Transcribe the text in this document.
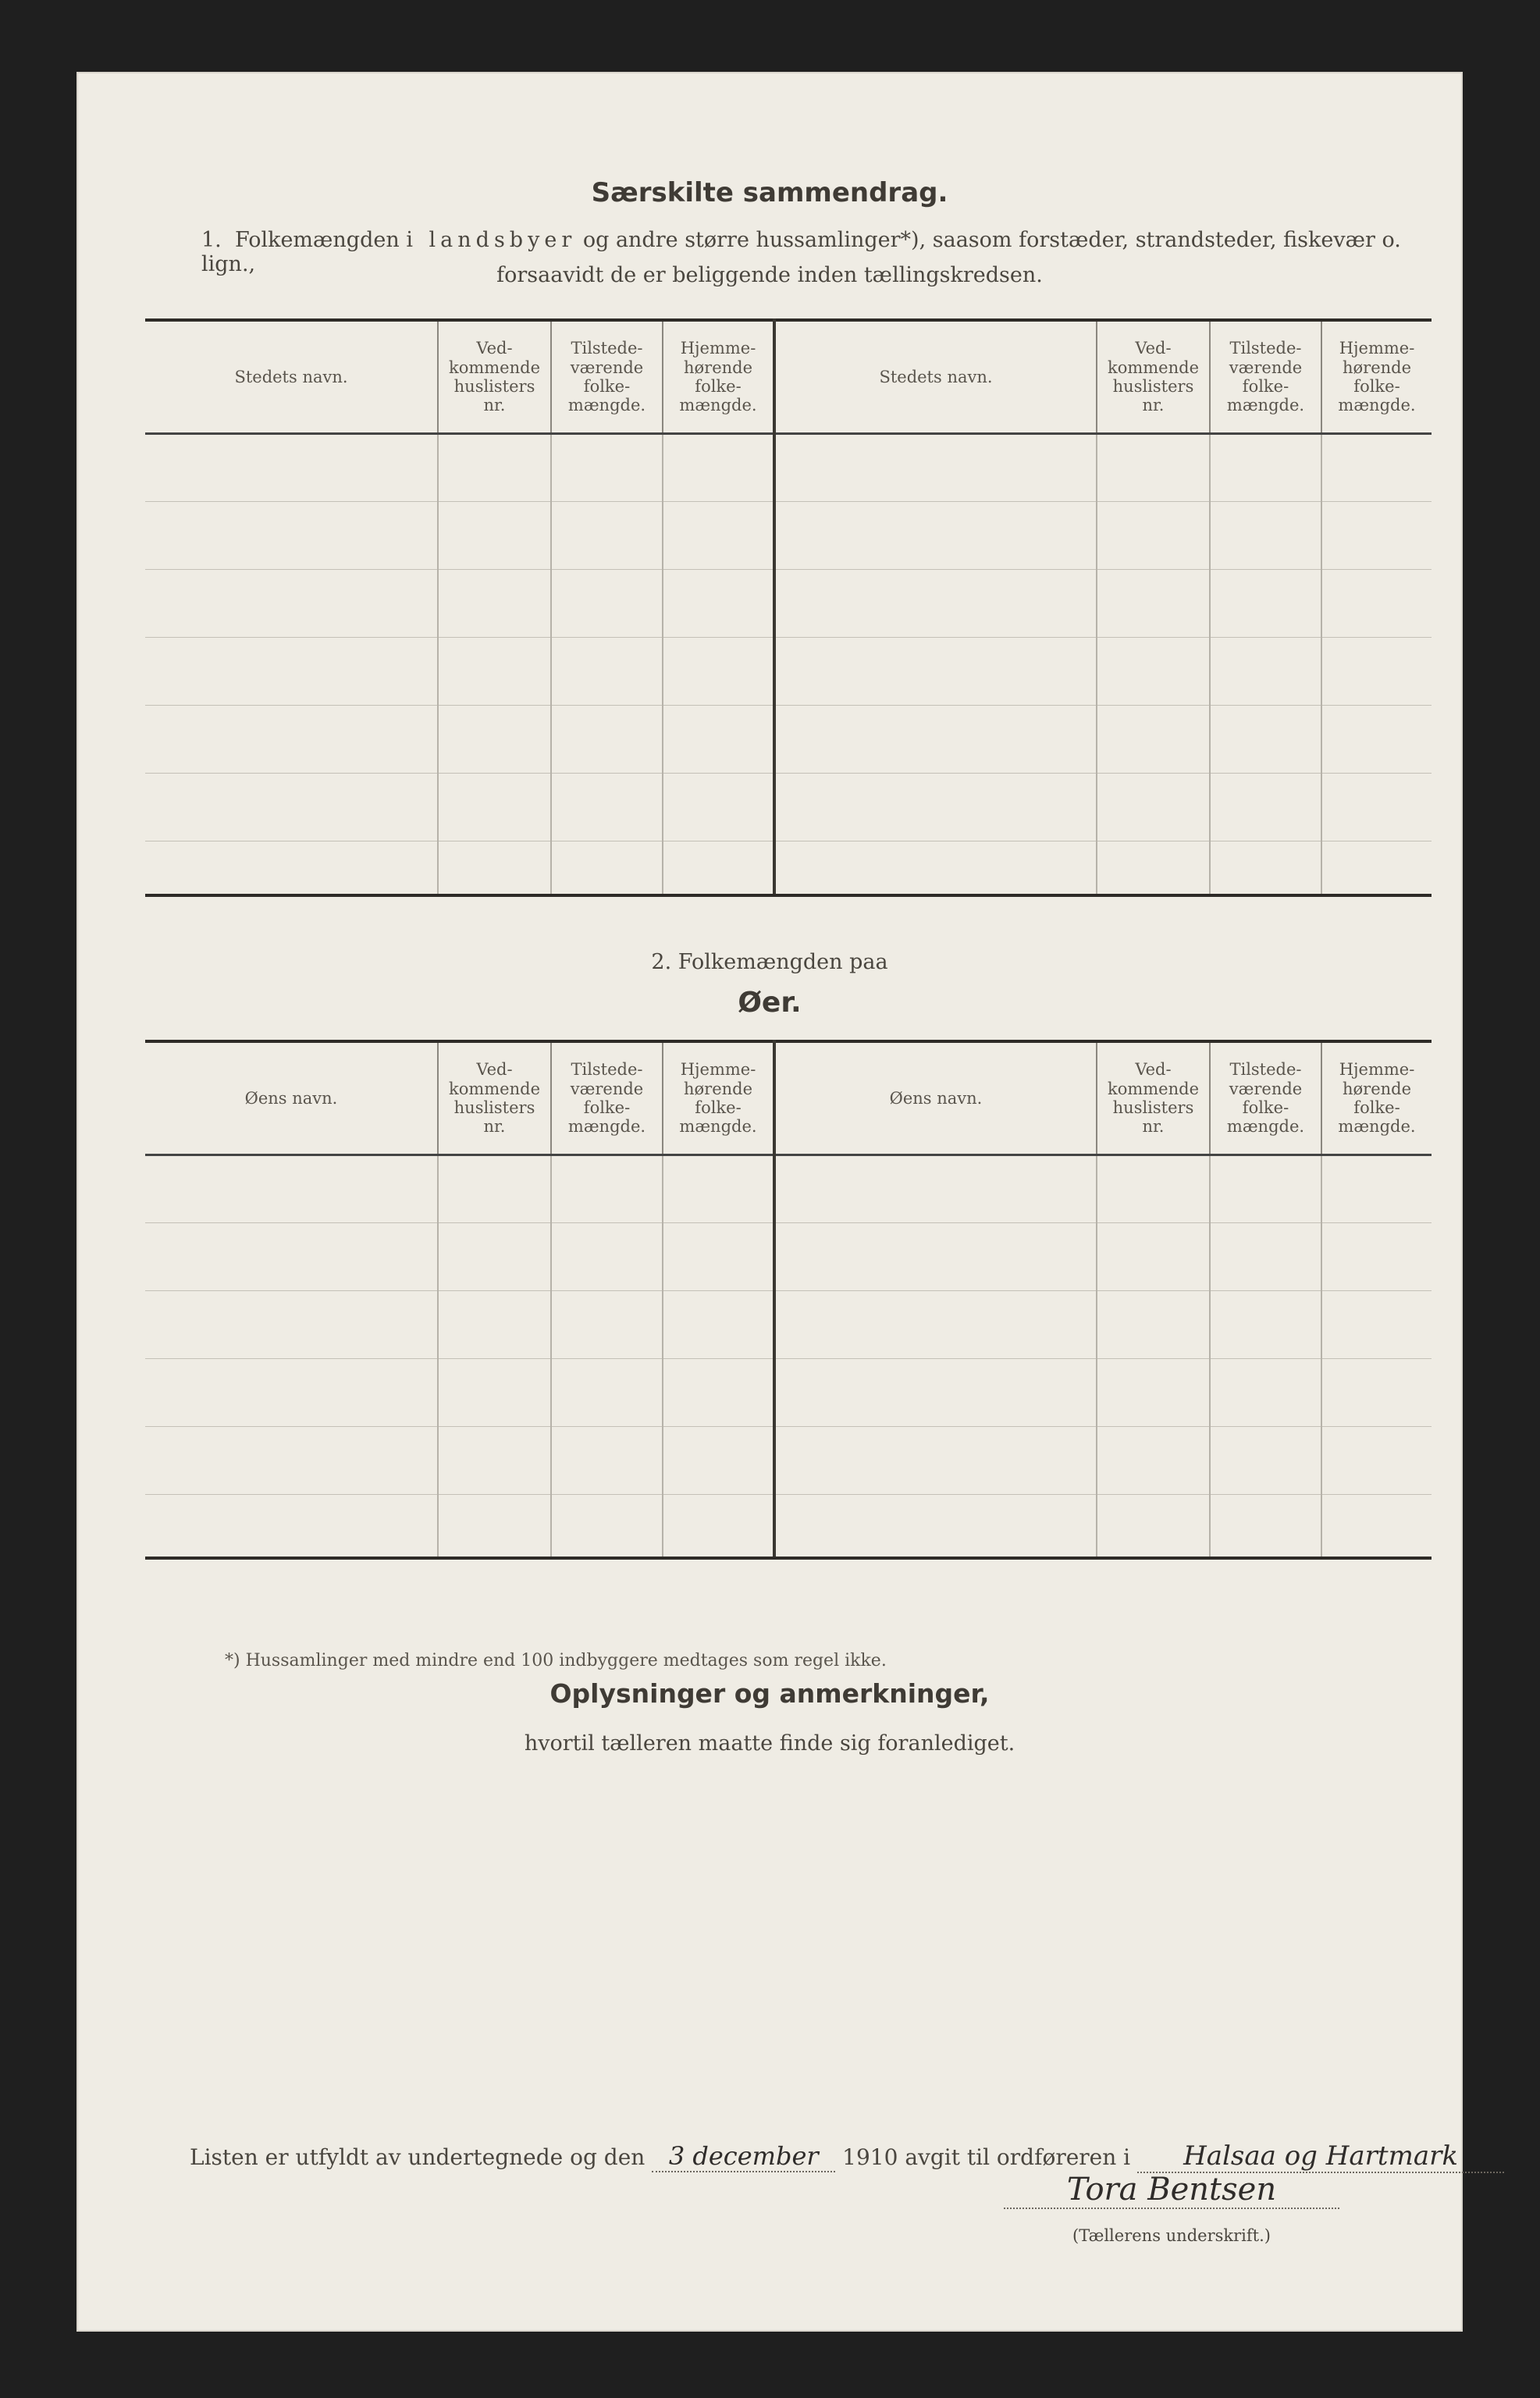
Særskilte sammendrag.
1. Folkemængden i landsbyer og andre større hussamlinger*), saasom forstæder, strandsteder, fiskevær o. lign.,	forsaavidt de er beliggende inden tællingskredsen.
Stedets navn.	Ved-
kommende
huslisters
nr.	Tilstede-
værende
folke-
mængde.	Hjemme-
hørende
folke-
mængde.	Stedets navn.	Ved-
kommende
huslisters
nr.	Tilstede-
værende
folke-
mængde.	Hjemme-
hørende
folke-
mængde.

2. Folkemængden paa
Øer.
Øens navn.	Ved-
kommende
huslisters
nr.	Tilstede-
værende
folke-
mængde.	Hjemme-
hørende
folke-
mængde.	Øens navn.	Ved-
kommende
huslisters
nr.	Tilstede-
værende
folke-
mængde.	Hjemme-
hørende
folke-
mængde.

*) Hussamlinger med mindre end 100 indbyggere medtages som regel ikke.
Oplysninger og anmerkninger,
hvortil tælleren maatte finde sig foranlediget.
Listen er utfyldt av undertegnede og den 3 december 1910 avgit til ordføreren i Halsaa og Hartmark
Tora Bentsen
(Tællerens underskrift.)
